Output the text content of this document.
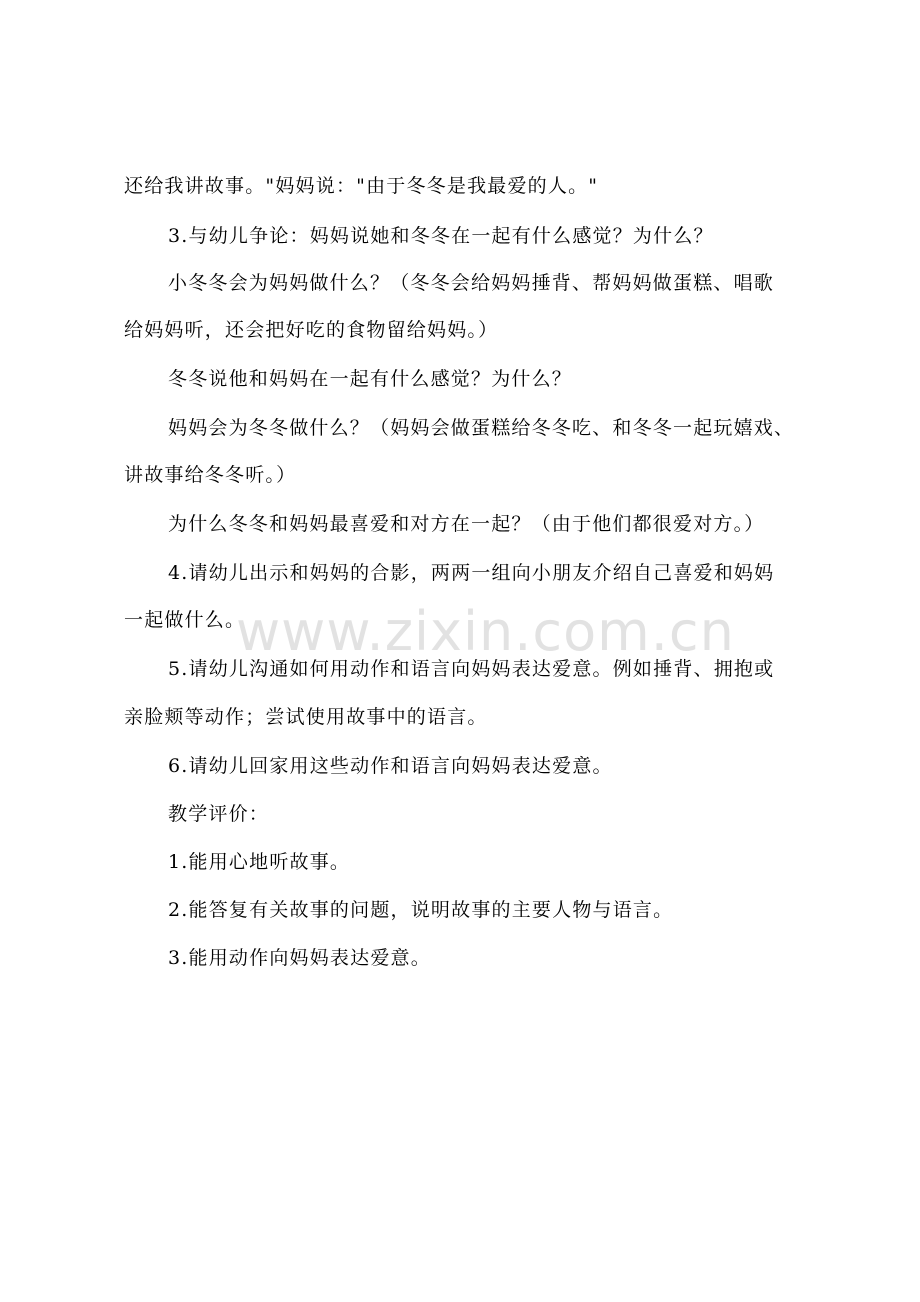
www.zixin.com.cn
还给我讲故事。"妈妈说："由于冬冬是我最爱的人。"
3.与幼儿争论：妈妈说她和冬冬在一起有什么感觉？为什么？
小冬冬会为妈妈做什么？（冬冬会给妈妈捶背、帮妈妈做蛋糕、唱歌
给妈妈听，还会把好吃的食物留给妈妈。）
冬冬说他和妈妈在一起有什么感觉？为什么？
妈妈会为冬冬做什么？（妈妈会做蛋糕给冬冬吃、和冬冬一起玩嬉戏、
讲故事给冬冬听。）
为什么冬冬和妈妈最喜爱和对方在一起？（由于他们都很爱对方。）
4.请幼儿出示和妈妈的合影，两两一组向小朋友介绍自己喜爱和妈妈
一起做什么。
5.请幼儿沟通如何用动作和语言向妈妈表达爱意。例如捶背、拥抱或
亲脸颊等动作；尝试使用故事中的语言。
6.请幼儿回家用这些动作和语言向妈妈表达爱意。
教学评价：
1.能用心地听故事。
2.能答复有关故事的问题，说明故事的主要人物与语言。
3.能用动作向妈妈表达爱意。
